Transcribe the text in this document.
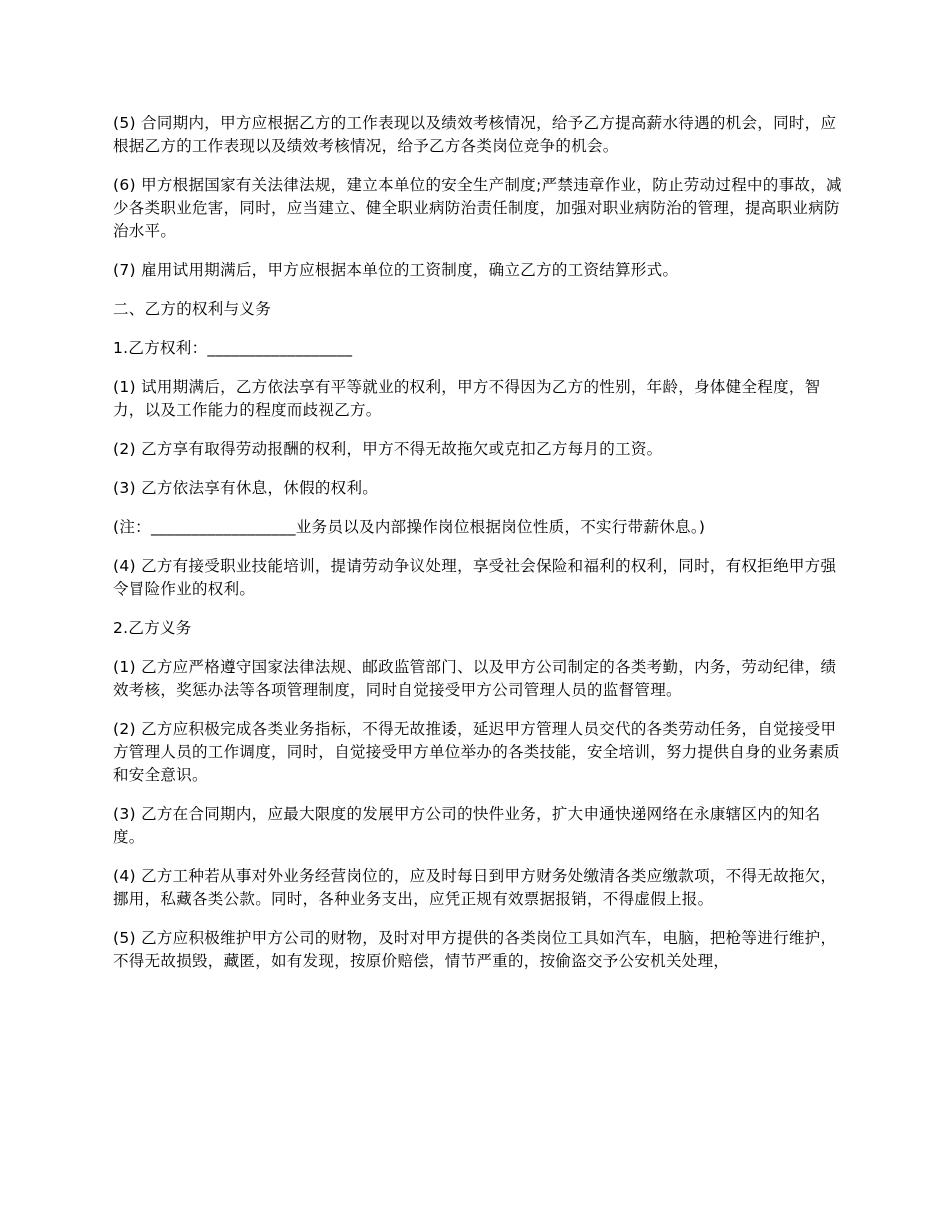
(5) 合同期内，甲方应根据乙方的工作表现以及绩效考核情况，给予乙方提高薪水待遇的机会，同时，应根据乙方的工作表现以及绩效考核情况，给予乙方各类岗位竞争的机会。

(6) 甲方根据国家有关法律法规，建立本单位的安全生产制度;严禁违章作业，防止劳动过程中的事故，减少各类职业危害，同时，应当建立、健全职业病防治责任制度，加强对职业病防治的管理，提高职业病防治水平。

(7) 雇用试用期满后，甲方应根据本单位的工资制度，确立乙方的工资结算形式。

二、乙方的权利与义务

1.乙方权利：__________________

(1) 试用期满后，乙方依法享有平等就业的权利，甲方不得因为乙方的性别，年龄，身体健全程度，智力，以及工作能力的程度而歧视乙方。

(2) 乙方享有取得劳动报酬的权利，甲方不得无故拖欠或克扣乙方每月的工资。

(3) 乙方依法享有休息，休假的权利。

(注：__________________业务员以及内部操作岗位根据岗位性质，不实行带薪休息。)

(4) 乙方有接受职业技能培训，提请劳动争议处理，享受社会保险和福利的权利，同时，有权拒绝甲方强令冒险作业的权利。

2.乙方义务

(1) 乙方应严格遵守国家法律法规、邮政监管部门、以及甲方公司制定的各类考勤，内务，劳动纪律，绩效考核，奖惩办法等各项管理制度，同时自觉接受甲方公司管理人员的监督管理。

(2) 乙方应积极完成各类业务指标，不得无故推诿，延迟甲方管理人员交代的各类劳动任务，自觉接受甲方管理人员的工作调度，同时，自觉接受甲方单位举办的各类技能，安全培训，努力提供自身的业务素质和安全意识。

(3) 乙方在合同期内，应最大限度的发展甲方公司的快件业务，扩大申通快递网络在永康辖区内的知名度。

(4) 乙方工种若从事对外业务经营岗位的，应及时每日到甲方财务处缴清各类应缴款项，不得无故拖欠，挪用，私藏各类公款。同时，各种业务支出，应凭正规有效票据报销，不得虚假上报。

(5) 乙方应积极维护甲方公司的财物，及时对甲方提供的各类岗位工具如汽车，电脑，把枪等进行维护，不得无故损毁，藏匿，如有发现，按原价赔偿，情节严重的，按偷盗交予公安机关处理，
